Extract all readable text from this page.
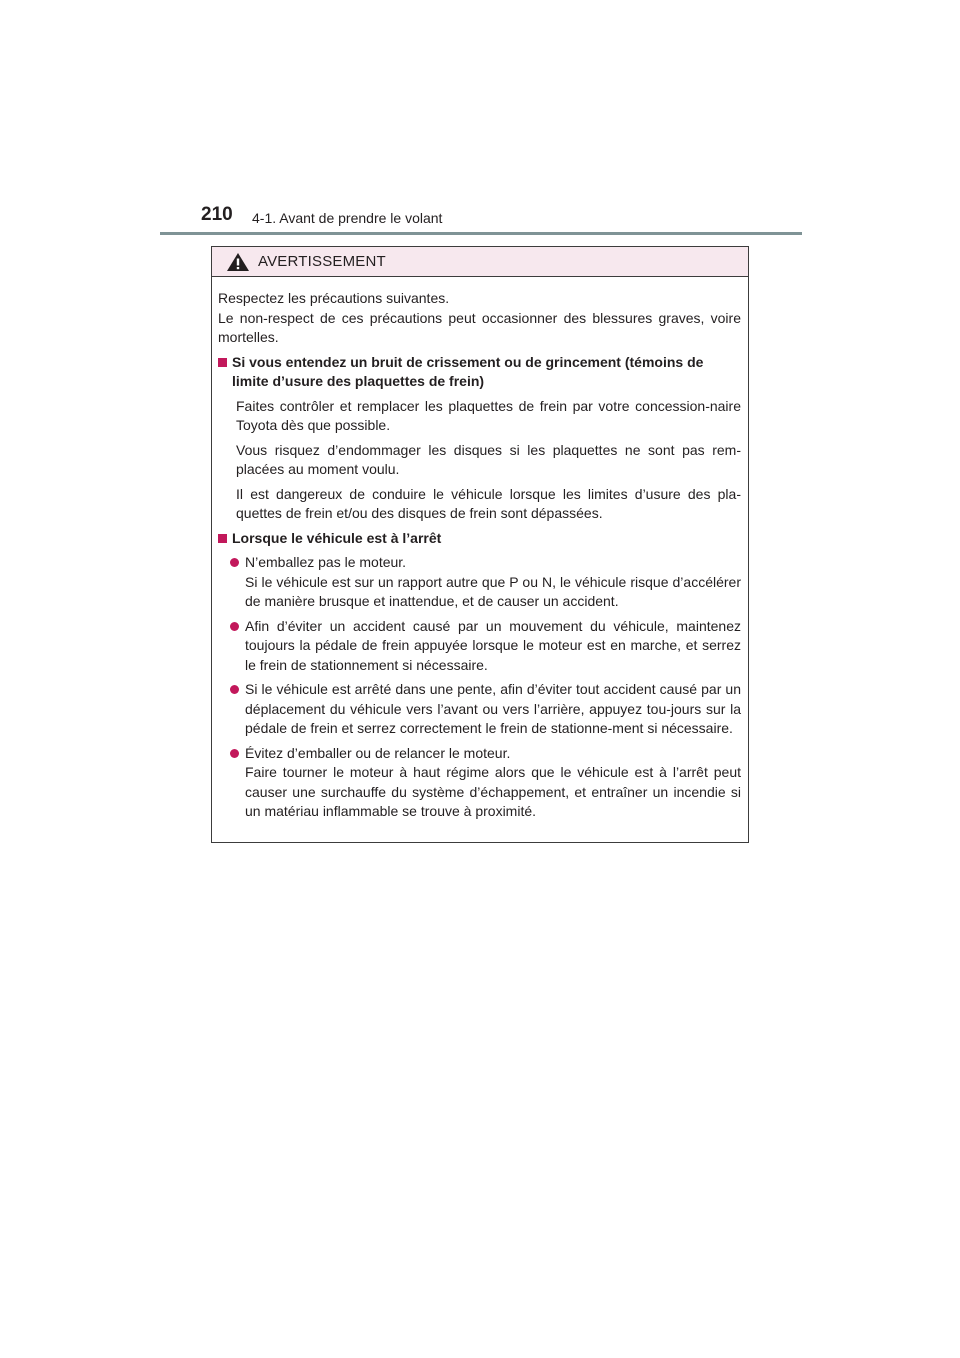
210 4-1. Avant de prendre le volant
AVERTISSEMENT
Respectez les précautions suivantes.
Le non-respect de ces précautions peut occasionner des blessures graves, voire mortelles.
Si vous entendez un bruit de crissement ou de grincement (témoins de limite d’usure des plaquettes de frein)
Faites contrôler et remplacer les plaquettes de frein par votre concession-naire Toyota dès que possible.
Vous risquez d’endommager les disques si les plaquettes ne sont pas rem-placées au moment voulu.
Il est dangereux de conduire le véhicule lorsque les limites d’usure des pla-quettes de frein et/ou des disques de frein sont dépassées.
Lorsque le véhicule est à l’arrêt
N’emballez pas le moteur.
Si le véhicule est sur un rapport autre que P ou N, le véhicule risque d’accélérer de manière brusque et inattendue, et de causer un accident.
Afin d’éviter un accident causé par un mouvement du véhicule, maintenez toujours la pédale de frein appuyée lorsque le moteur est en marche, et serrez le frein de stationnement si nécessaire.
Si le véhicule est arrêté dans une pente, afin d’éviter tout accident causé par un déplacement du véhicule vers l’avant ou vers l’arrière, appuyez tou-jours sur la pédale de frein et serrez correctement le frein de stationne-ment si nécessaire.
Évitez d’emballer ou de relancer le moteur.
Faire tourner le moteur à haut régime alors que le véhicule est à l’arrêt peut causer une surchauffe du système d’échappement, et entraîner un incendie si un matériau inflammable se trouve à proximité.
